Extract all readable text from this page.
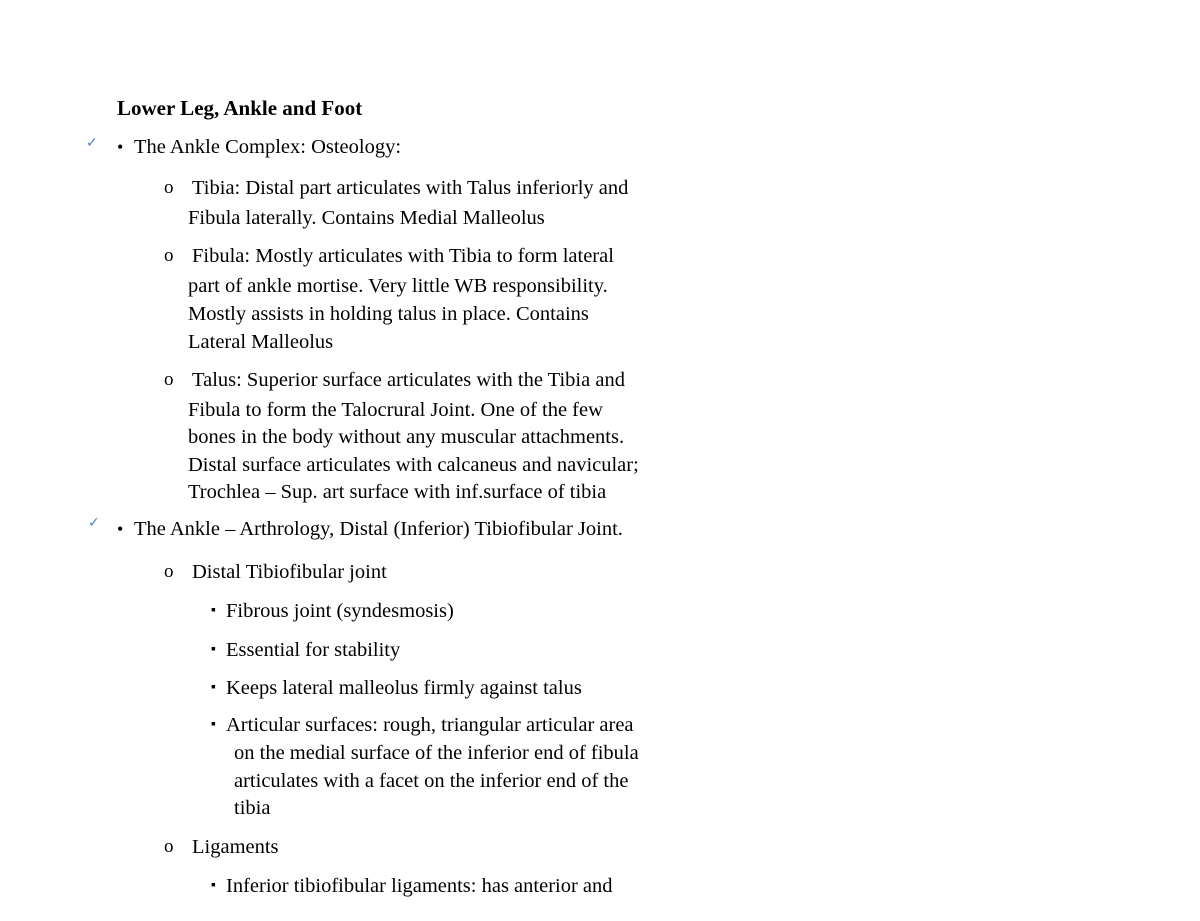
Lower Leg, Ankle and Foot
✓ • The Ankle Complex: Osteology:
o Tibia: Distal part articulates with Talus inferiorly and
Fibula laterally. Contains Medial Malleolus
o Fibula: Mostly articulates with Tibia to form lateral
part of ankle mortise. Very little WB responsibility.
Mostly assists in holding talus in place. Contains
Lateral Malleolus
o Talus: Superior surface articulates with the Tibia and
Fibula to form the Talocrural Joint. One of the few
bones in the body without any muscular attachments.
Distal surface articulates with calcaneus and navicular;
Trochlea – Sup. art surface with inf.surface of tibia
✓ • The Ankle – Arthrology, Distal (Inferior) Tibiofibular Joint.
o Distal Tibiofibular joint
▪ Fibrous joint (syndesmosis)
▪ Essential for stability
▪ Keeps lateral malleolus firmly against talus
▪ Articular surfaces: rough, triangular articular area
on the medial surface of the inferior end of fibula
articulates with a facet on the inferior end of the
tibia
o Ligaments
▪ Inferior tibiofibular ligaments: has anterior and
